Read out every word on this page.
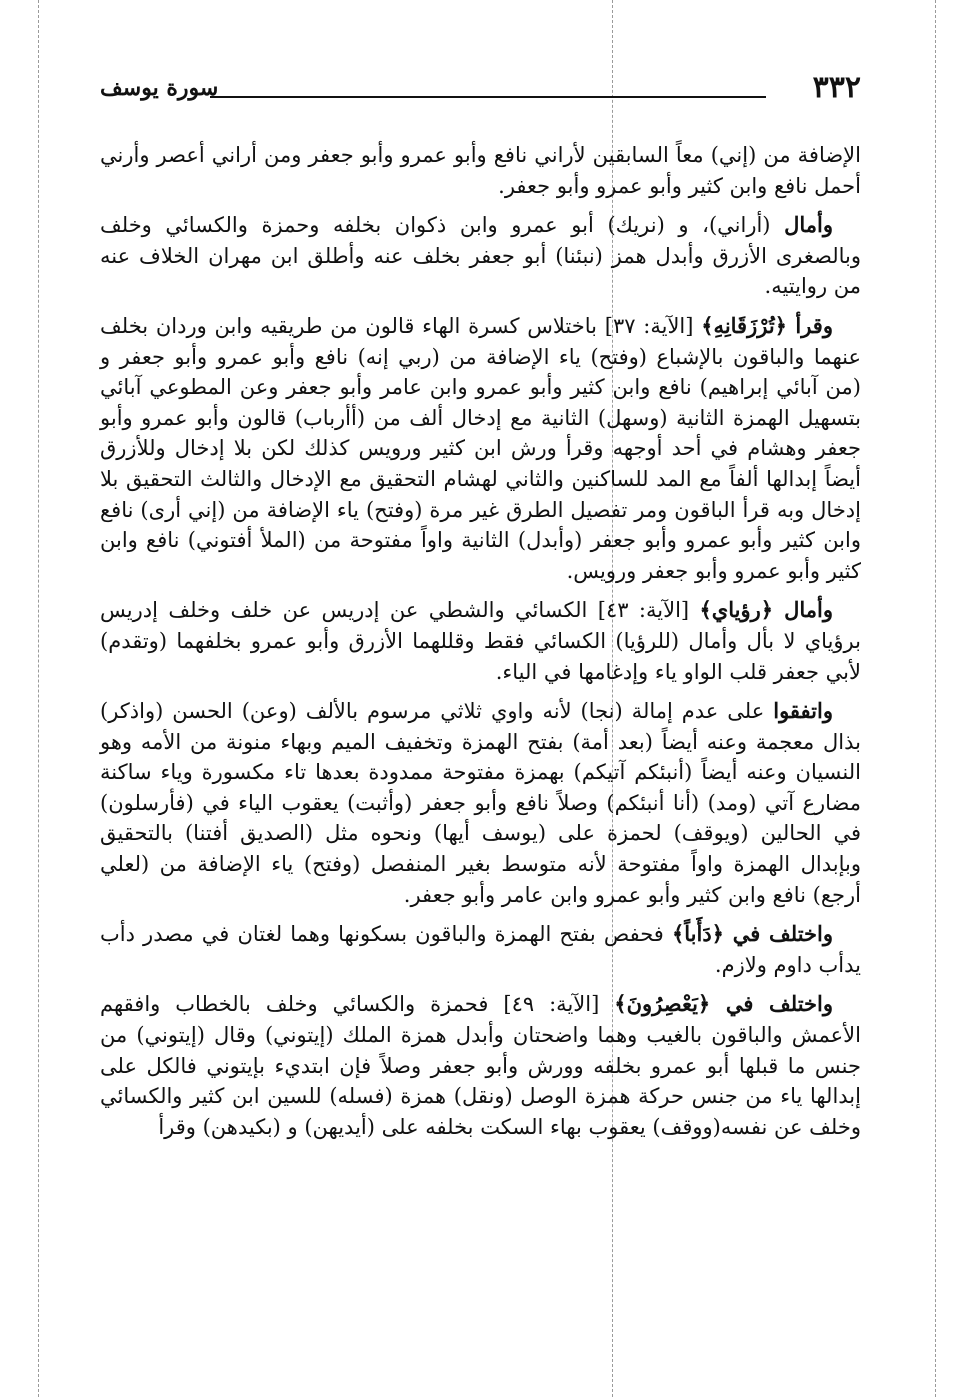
٣٣٢
سورة يوسف

الإضافة من (إني) معاً السابقين لأراني نافع وأبو عمرو وأبو جعفر ومن أراني أعصر وأرني أحمل نافع وابن كثير وأبو عمرو وأبو جعفر.

وأمال (أراني)، و (نريك) أبو عمرو وابن ذكوان بخلفه وحمزة والكسائي وخلف وبالصغرى الأزرق وأبدل همز (نبئنا) أبو جعفر بخلف عنه وأطلق ابن مهران الخلاف عنه من روايتيه.

وقرأ ﴿تُرْزَقَانِهِ﴾ [الآية: ٣٧] باختلاس كسرة الهاء قالون من طريقيه وابن وردان بخلف عنهما والباقون بالإشباع (وفتح) ياء الإضافة من (ربي إنه) نافع وأبو عمرو وأبو جعفر و (من آبائي إبراهيم) نافع وابن كثير وأبو عمرو وابن عامر وأبو جعفر وعن المطوعي آبائي بتسهيل الهمزة الثانية (وسهل) الثانية مع إدخال ألف من (أأرباب) قالون وأبو عمرو وأبو جعفر وهشام في أحد أوجهه وقرأ ورش ابن كثير ورويس كذلك لكن بلا إدخال وللأزرق أيضاً إبدالها ألفاً مع المد للساكنين والثاني لهشام التحقيق مع الإدخال والثالث التحقيق بلا إدخال وبه قرأ الباقون ومر تفصيل الطرق غير مرة (وفتح) ياء الإضافة من (إني أرى) نافع وابن كثير وأبو عمرو وأبو جعفر (وأبدل) الثانية واواً مفتوحة من (الملأ أفتوني) نافع وابن كثير وأبو عمرو وأبو جعفر ورويس.

وأمال ﴿رؤياي﴾ [الآية: ٤٣] الكسائي والشطي عن إدريس عن خلف وخلف إدريس برؤياي لا بأل وأمال (للرؤيا) الكسائي فقط وقللهما الأزرق وأبو عمرو بخلفهما (وتقدم) لأبي جعفر قلب الواو ياء وإدغامها في الياء.

واتفقوا على عدم إمالة (نجا) لأنه واوي ثلاثي مرسوم بالألف (وعن) الحسن (واذكر) بذال معجمة وعنه أيضاً (بعد أمة) بفتح الهمزة وتخفيف الميم وبهاء منونة من الأمه وهو النسيان وعنه أيضاً (أنبئكم آتيكم) بهمزة مفتوحة ممدودة بعدها تاء مكسورة وياء ساكنة مضارع آتي (ومد) (أنا أنبئكم) وصلاً نافع وأبو جعفر (وأثبت) يعقوب الياء في (فأرسلون) في الحالين (ويوقف) لحمزة على (يوسف أيها) ونحوه مثل (الصديق أفتنا) بالتحقيق وبإبدال الهمزة واواً مفتوحة لأنه متوسط بغير المنفصل (وفتح) ياء الإضافة من (لعلي أرجع) نافع وابن كثير وأبو عمرو وابن عامر وأبو جعفر.

واختلف في ﴿دَأَباً﴾ فحفص بفتح الهمزة والباقون بسكونها وهما لغتان في مصدر دأب يدأب داوم ولازم.

واختلف في ﴿يَعْصِرُونَ﴾ [الآية: ٤٩] فحمزة والكسائي وخلف بالخطاب وافقهم الأعمش والباقون بالغيب وهما واضحتان وأبدل همزة الملك (إيتوني) وقال (إيتوني) من جنس ما قبلها أبو عمرو بخلفه وورش وأبو جعفر وصلاً فإن ابتديء بإيتوني فالكل على إبدالها ياء من جنس حركة همزة الوصل (ونقل) همزة (فسله) للسين ابن كثير والكسائي وخلف عن نفسه(ووقف) يعقوب بهاء السكت بخلفه على (أيديهن) و (بكيدهن) وقرأ
